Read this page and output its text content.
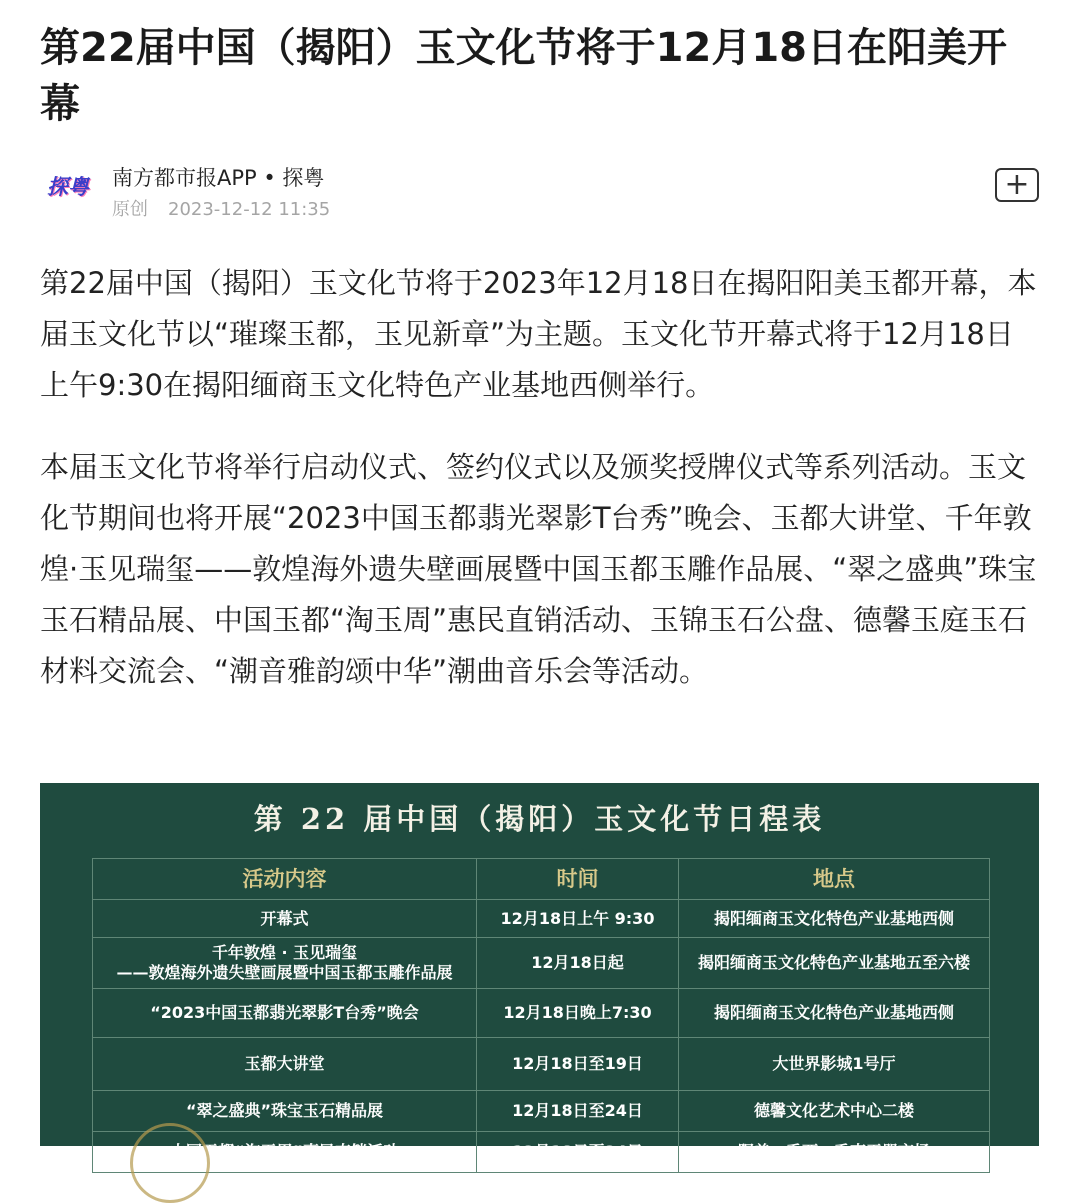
第22届中国（揭阳）玉文化节将于12月18日在阳美开幕
探粤 南方都市报APP • 探粤
原创 2023-12-12 11:35
+

第22届中国（揭阳）玉文化节将于2023年12月18日在揭阳阳美玉都开幕，本届玉文化节以“璀璨玉都，玉见新章”为主题。玉文化节开幕式将于12月18日上午9:30在揭阳缅商玉文化特色产业基地西侧举行。

本届玉文化节将举行启动仪式、签约仪式以及颁奖授牌仪式等系列活动。玉文化节期间也将开展“2023中国玉都翡光翠影T台秀”晚会、玉都大讲堂、千年敦煌·玉见瑞玺——敦煌海外遗失壁画展暨中国玉都玉雕作品展、“翠之盛典”珠宝玉石精品展、中国玉都“淘玉周”惠民直销活动、玉锦玉石公盘、德馨玉庭玉石材料交流会、“潮音雅韵颂中华”潮曲音乐会等活动。

第 22 届中国（揭阳）玉文化节日程表
活动内容	时间	地点
开幕式	12月18日上午 9:30	揭阳缅商玉文化特色产业基地西侧

千年敦煌 · 玉见瑞玺
——敦煌海外遗失壁画展暨中国玉都玉雕作品展	12月18日起	揭阳缅商玉文化特色产业基地五至六楼
“2023中国玉都翡光翠影T台秀”晚会	12月18日晚上7:30	揭阳缅商玉文化特色产业基地西侧
玉都大讲堂	12月18日至19日	大世界影城1号厅
“翠之盛典”珠宝玉石精品展	12月18日至24日	德馨文化艺术中心二楼
中国玉都“淘玉周”惠民直销活动	12月18日至24日	阳美、乔西、乔南玉器市场
